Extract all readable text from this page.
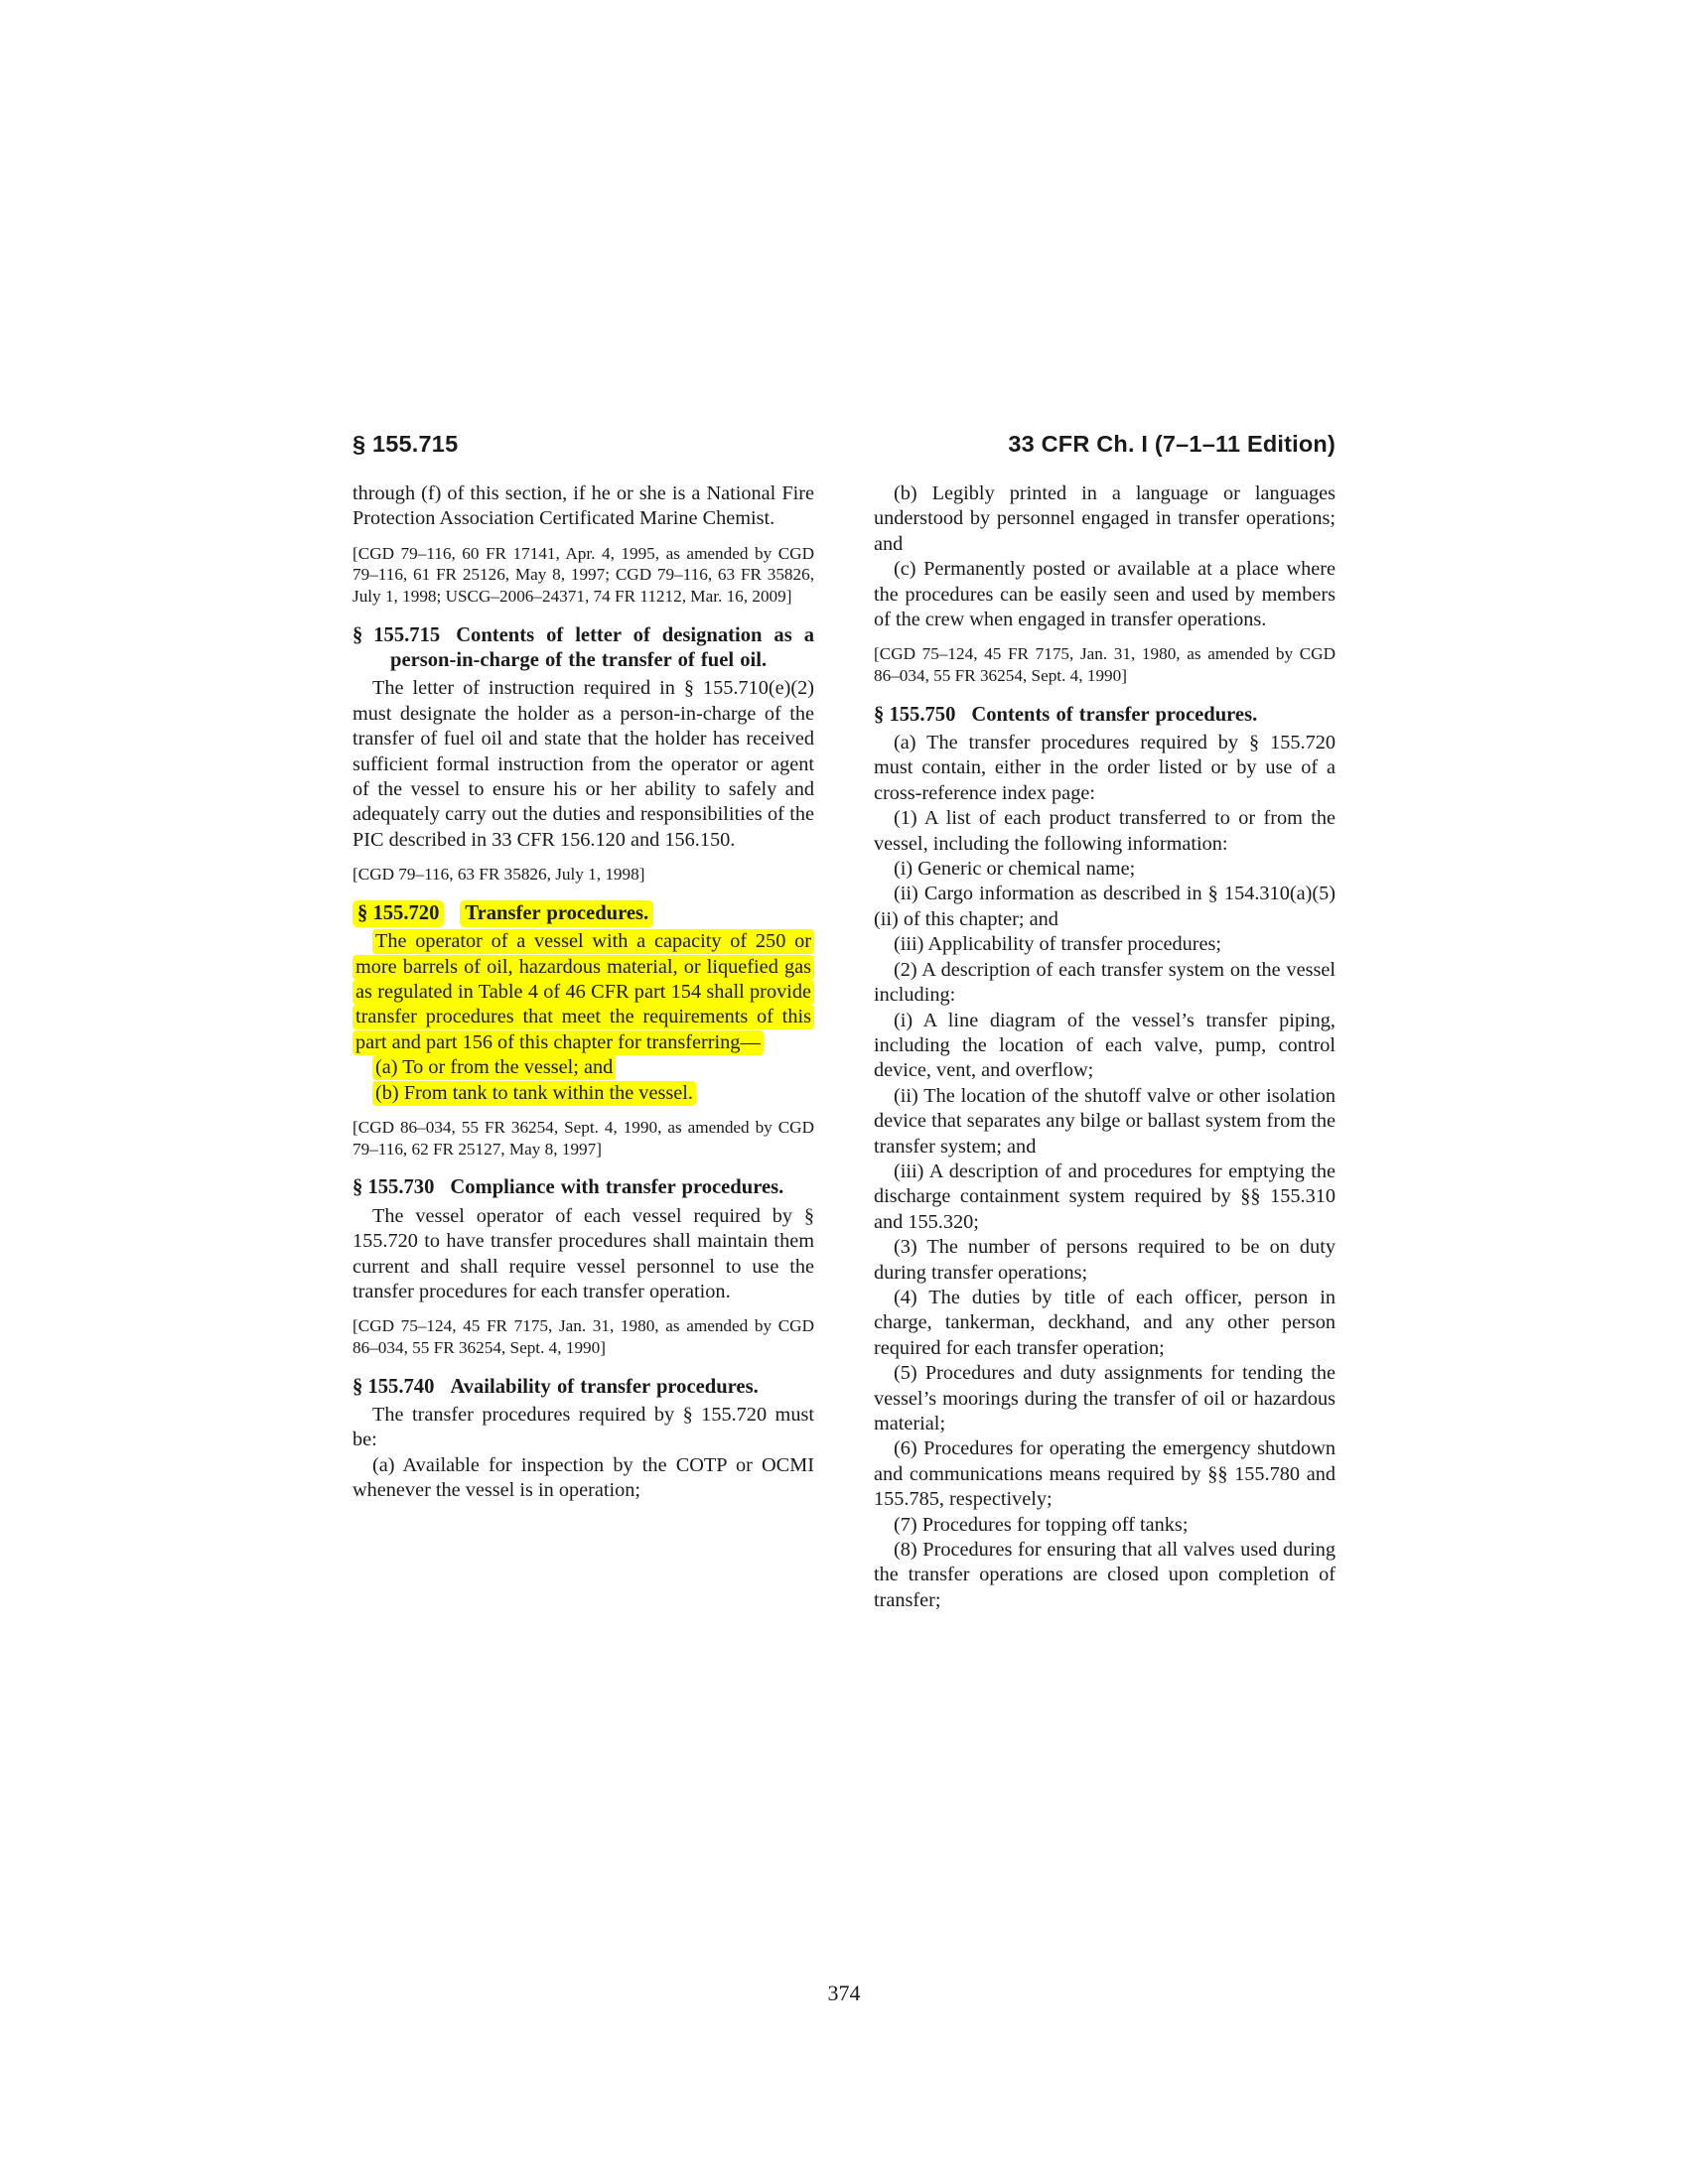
§ 155.715	33 CFR Ch. I (7–1–11 Edition)

through (f) of this section, if he or she is a National Fire Protection Association Certificated Marine Chemist.

[CGD 79–116, 60 FR 17141, Apr. 4, 1995, as amended by CGD 79–116, 61 FR 25126, May 8, 1997; CGD 79–116, 63 FR 35826, July 1, 1998; USCG–2006–24371, 74 FR 11212, Mar. 16, 2009]

§ 155.715 Contents of letter of designation as a person-in-charge of the transfer of fuel oil.

The letter of instruction required in § 155.710(e)(2) must designate the holder as a person-in-charge of the transfer of fuel oil and state that the holder has received sufficient formal instruction from the operator or agent of the vessel to ensure his or her ability to safely and adequately carry out the duties and responsibilities of the PIC described in 33 CFR 156.120 and 156.150.

[CGD 79–116, 63 FR 35826, July 1, 1998]

§ 155.720 Transfer procedures.

The operator of a vessel with a capacity of 250 or more barrels of oil, hazardous material, or liquefied gas as regulated in Table 4 of 46 CFR part 154 shall provide transfer procedures that meet the requirements of this part and part 156 of this chapter for transferring—

(a) To or from the vessel; and

(b) From tank to tank within the vessel.

[CGD 86–034, 55 FR 36254, Sept. 4, 1990, as amended by CGD 79–116, 62 FR 25127, May 8, 1997]

§ 155.730 Compliance with transfer procedures.

The vessel operator of each vessel required by § 155.720 to have transfer procedures shall maintain them current and shall require vessel personnel to use the transfer procedures for each transfer operation.

[CGD 75–124, 45 FR 7175, Jan. 31, 1980, as amended by CGD 86–034, 55 FR 36254, Sept. 4, 1990]

§ 155.740 Availability of transfer procedures.

The transfer procedures required by § 155.720 must be:

(a) Available for inspection by the COTP or OCMI whenever the vessel is in operation;

(b) Legibly printed in a language or languages understood by personnel engaged in transfer operations; and

(c) Permanently posted or available at a place where the procedures can be easily seen and used by members of the crew when engaged in transfer operations.

[CGD 75–124, 45 FR 7175, Jan. 31, 1980, as amended by CGD 86–034, 55 FR 36254, Sept. 4, 1990]

§ 155.750 Contents of transfer procedures.

(a) The transfer procedures required by § 155.720 must contain, either in the order listed or by use of a cross-reference index page:

(1) A list of each product transferred to or from the vessel, including the following information:

(i) Generic or chemical name;

(ii) Cargo information as described in § 154.310(a)(5)(ii) of this chapter; and

(iii) Applicability of transfer procedures;

(2) A description of each transfer system on the vessel including:

(i) A line diagram of the vessel’s transfer piping, including the location of each valve, pump, control device, vent, and overflow;

(ii) The location of the shutoff valve or other isolation device that separates any bilge or ballast system from the transfer system; and

(iii) A description of and procedures for emptying the discharge containment system required by §§ 155.310 and 155.320;

(3) The number of persons required to be on duty during transfer operations;

(4) The duties by title of each officer, person in charge, tankerman, deckhand, and any other person required for each transfer operation;

(5) Procedures and duty assignments for tending the vessel’s moorings during the transfer of oil or hazardous material;

(6) Procedures for operating the emergency shutdown and communications means required by §§ 155.780 and 155.785, respectively;

(7) Procedures for topping off tanks;

(8) Procedures for ensuring that all valves used during the transfer operations are closed upon completion of transfer;

374
